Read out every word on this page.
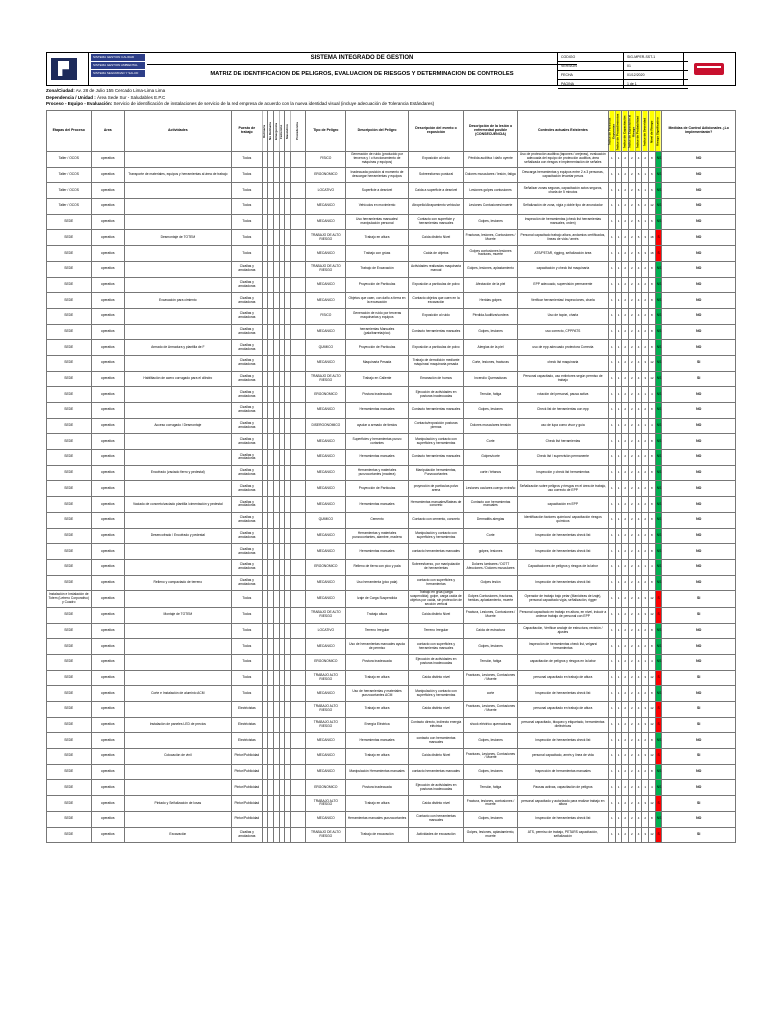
SISTEMA GESTION CALIDAD
SISTEMA GESTION AMBIENTAL
SISTEMA SEGURIDAD Y SALUD
SISTEMA INTEGRADO DE GESTION
MATRIZ DE IDENTIFICACION DE PELIGROS, EVALUACION DE RIESGOS Y DETERMINACION DE CONTROLES
CODIGO	SIG-MPER-SST-1
VERSION	01
FECHA	01/12/2020
PAGINA	1 de 1
Zona/Ciudad: Av. 28 de Julio 155 Cercado Lima-Lima Lima
Dependencia / Unidad : Área Sede Sur - Saludables E.P.C
Proceso - Equipo - Evaluación: Servicio de identificación de instalaciones de servicio de la red empresa de acuerdo con la nueva identidad visual (incluye adecuación de Tolerancia Estándares)
Etapas del Proceso	Area	Actividades	Puesto de trabajo	Rutinaria	No Rutinaria	Emergencia	Femenino	Masculino	Procedencia	Tipo de Peligro	Descripción del Peligro	Descripción del evento o exposición	Descripción de la lesión o enfermedad posible (CONSECUENCIA)	Controles actuales Existentes	Índice de Personas Expuestas	Índice de Procedimientos	Índice de Capacitación	Índice de Exposición al Riesgo	Índice de Probabilidad	Índice de Severidad	Nivel de Riesgo	Riesgo Significativo	Medidas de Control Adicionales ¿Lo implementarán?
Taller / OCOS	operativa		Todos							FISICO	Generación de ruido (producido por terceros y / o funcionamiento de máquinas y equipos)	Exposición al ruido	Pérdida auditiva / daño oyente	Uso de protección auditiva (tapones / orejeras), evaluación adecuada del equipo de protección auditiva, área señalizada con riesgos e implementación de señales	1	1	2	2	4	2	8	NS	NO
Taller / OCOS	operativa	Transporte de materiales, equipos y herramientas al área de trabajo	Todos							ERGONOMICO	Inadecuada posición al momento de descargar herramientas y equipos	Sobreesfuerzo postural	Dolores musculares / lesión, fatiga	Descarga herramientas y equipos entre 2 a 3 personas, capacitación levantar pesos	1	1	2	2	6	1	6	NS	NO
Taller / OCOS	operativa		Todos							LOCATIVO	Superficie a desnivel	Caída a superficie a desnivel	Lesiones golpes contusiones	Señalizar zonas seguras, capacitación actos seguros, charla de 5 minutos	1	1	2	2	6	1	6	NS	NO
Taller / OCOS	operativa		Todos							MECANICO	Vehículos en movimiento	Atropello/Atrapamiento vehicular	Lesiones Contusiones/muerte	Señalización de zona, vigía y doble tipo de anunciador	1	1	2	2	6	2	12	NS	NO
SEDE	operativa		Todos							MECANICO	Uso herramientas manuales/ manipulación personal	Contacto con superficie y herramientas manuales	Golpes, lesiones	Inspección de herramientas (check list herramientas manuales, orden)	1	1	2	2	6	1	6	NS	NO
SEDE	operativa	Desmontaje de TOTEM	Todos							TRABAJO DE ALTO RIESGO	Trabajo en altura	Caída distinto Nivel	Fracturas, lesiones, Contusiones / Muerte	Personal capacitado trabajo altura, andamios certificados, líneas de vida / arnés	1	1	2	2	6	3	18	S	NO
SEDE	operativa		Todos							MECANICO	Trabajo con grúas	Caída de objetos	Golpes contusiones lesiones fracturas, muerte	ATS/PETAR, rigging, señalización área	1	1	2	2	6	3	18	S	NO
SEDE	operativa		Cizallas y amoladoras							TRABAJO DE ALTO RIESGO	Trabajo de Excavación	Actividades realizadas maquinaria manual	Golpes, lesiones, aplastamiento	capacitación y check list maquinaria	1	1	2	2	4	2	8	NS	NO
SEDE	operativa		Cizallas y amoladoras							MECANICO	Proyección de Partículas	Exposición a partículas de polvo	Afectación de la piel	EPP adecuado, supervisión permanente	1	1	2	2	4	2	8	NS	NO
SEDE	operativa	Excavación para cimiento	Cizallas y amoladoras							MECANICO	Objetos que caen, con daño a tierra en la excavación	Contacto objetos que caen en la excavación	Heridas golpes	Verificar herramientas/ inspecciones, charla	1	1	2	2	4	2	8	NS	NO
SEDE	operativa		Cizallas y amoladoras							FISICO	Generación de ruido por terceras maquinarias y equipos	Exposición al ruido	Pérdida Auditiva/sordera	Uso de tapón, charla	1	1	2	2	4	2	8	NS	NO
SEDE	operativa		Cizallas y amoladoras							MECANICO	herramientas Manuales (pala/barreta/pico)	Contacto herramientas manuales	Golpes, lesiones	uso correcto, CPPPATS	1	1	2	2	4	2	8	NS	NO
SEDE	operativa	Armado de Armadura y plantilla de F	Cizallas y amoladoras							QUIMICO	Proyección de Partículas	Exposición a partículas de polvo	Alergias de la piel	uso de epp adecuado protectora Correcta	1	1	2	2	4	2	8	NS	NO
SEDE	operativa		Cizallas y amoladoras							MECANICO	Maquinaria Pesada	Trabajo de demolición mediante máquinas/ maquinaria pesada	Corte, lesiones, fracturas	check list maquinaria	1	1	2	2	4	3	12	NS	SI
SEDE	operativa	Habilitación de acero corrugado para el cilindro	Cizallas y amoladoras							TRABAJO DE ALTO RIESGO	Trabajo en Caliente	Emanación de humos	Incendio Quemaduras	Personal capacitado, uso extintores según permiso de trabajo	1	1	2	2	4	3	12	NS	SI
SEDE	operativa		Cizallas y amoladoras							ERGONOMICO	Postura inadecuada	Ejecución de actividades en posturas inadecuadas	Tensión, fatiga	rotación del personal, pausa activa	1	1	2	2	4	1	4	NS	NO
SEDE	operativa		Cizallas y amoladoras							MECANICO	Herramientas manuales	Contacto herramientas manuales	Golpes, lesiones	Check list de herramientas con epp	1	1	2	2	4	2	8	NS	NO
SEDE	operativa	Acceso corrugado / Desmontaje	Cizallas y amoladoras							DISERGONOMICO	ayudar a armado de tiestos	Contacto/exposición posturas piernas	Dolores musculares tensión	uso de lupa como visor y guía	1	1	2	2	4	1	4	NS	NO
SEDE	operativa		Cizallas y amoladoras							MECANICO	Superficies y herramientas punzo cortantes	Manipulación y contacto con superficies y herramientas	Corte	Check list herramientas	1	1	2	2	4	2	8	NS	NO
SEDE	operativa		Cizallas y amoladoras							MECANICO	Herramientas manuales	Contacto herramientas manuales	Golpes/corte	Check list / supervisión permanente	1	1	2	2	4	2	8	NS	NO
SEDE	operativa	Encofrado (vaciado fierro y pedestal)	Cizallas y amoladoras							MECANICO	Herramientas y materiales punzocortantes (madera)	Manipulación herramientas, Punzocortantes	corte / tétanos	Inspección y check list herramientas	1	1	2	2	4	2	8	NS	NO
SEDE	operativa		Cizallas y amoladoras							MECANICO	Proyección de Partículas	proyección de partículas polvo arena	Lesiones oculares cuerpo extraño	Señalización sobre peligros y riesgos en el área de trabajo, uso correcto de EPP	1	1	2	2	4	2	8	NS	NO
SEDE	operativa	Vaciado de concreto/vaciado plantilla /cimentación y pedestal	Cizallas y amoladoras							MECANICO	Herramientas manuales	Herramientas manuales/Bateas de concreto	Contacto con herramientas manuales	capacitación en EPP	1	1	2	2	4	2	8	NS	NO
SEDE	operativa		Cizallas y amoladoras							QUIMICO	Cemento	Contacto con cemento, concreto	Dermatitis alergias	Identificación factores químicos/ capacitación riesgos químicos	1	1	2	2	4	2	8	NS	NO
SEDE	operativa	Desencofrado / Encofrado y pedestal	Cizallas y amoladoras							MECANICO	Herramientas y materiales punzocortantes, alambre, madera	Manipulación y contacto con superficies y herramientas	Corte	Inspección de herramientas check list	1	1	2	2	4	2	8	NS	NO
SEDE	operativa		Cizallas y amoladoras							MECANICO	Herramientas manuales	contacto herramientas manuales	golpes, lesiones	Inspección de herramientas check list	1	1	2	2	4	2	8	NS	NO
SEDE	operativa		Cizallas y amoladoras							ERGONOMICO	Relleno de tierra con pico y pala	Sobreesfuerzo, por manipulación de herramientas	Dolores lumbares / DOTT Afecciones / Dolores musculares	Capacitaciones de peligros y riesgos de la labor	1	1	2	2	4	1	4	NS	NO
SEDE	operativa	Relleno y compactado de terreno	Cizallas y amoladoras							MECANICO	Uso herramienta (pico pala)	contacto con superficies y herramientas	Golpes lesión	Inspección de herramientas check list	1	1	2	2	4	2	8	NS	NO
Instalación e Instalación de Totem (Letrero Corporativo) y Cuadro	operativa		Todos							MECANICO	Izaje de Carga Suspendida	Trabajo en grúa (carga suspendida); golpe, carga caída de objetos por caída, sin protección de sección vertical	Golpes Contusiones, fracturas, heridas, aplastamiento, muerte	Operador de trabajo bajo petar (Maniobras de izaje), personal capacitado vigía, señalización, rigger	1	1	2	2	4	3	12	S	SI
SEDE	operativa	Montaje de TOTEM	Todos							TRABAJO DE ALTO RIESGO	Trabajo altura	Caída distinto Nivel	Fractura, Lesiones, Contusiones / Muerte	Personal capacitado en trabajo en altura, en nivel, inducir a ordenar trabajo de personal con EPP	1	1	2	2	4	3	12	S	SI
SEDE	operativa		Todos							LOCATIVO	Terreno Irregular	Terreno Irregular	Caída de estructura	Capacitación, Verificar anclaje de estructura, revisión / ajustes	1	1	2	2	4	2	8	NS	NO
SEDE	operativa		Todos							MECANICO	Uso de herramientas manuales ayuda de permiso	contacto con superficies y herramientas manuales	Golpes, lesiones	Inspección de herramientas check list, velgarsi herramientas	1	1	2	2	4	2	8	NS	NO
SEDE	operativa		Todos							ERGONOMICO	Postura inadecuada	Ejecución de actividades en posturas inadecuadas	Tensión, fatiga	capacitación de peligros y riesgos en la labor	1	1	2	2	4	1	4	NS	NO
SEDE	operativa		Todos							TRABAJO ALTO RIESGO	Trabajo en altura	Caída distinto nivel	Fracturas, Lesiones, Contusiones / Muerte	personal capacitado en trabajo de altura	1	1	2	2	4	3	12	S	SI
SEDE	operativa	Corte e Instalación de aluminio ACM	Todos							MECANICO	Uso de herramientas y materiales punzocortantes ACM	Manipulación y contacto con superficies y herramientas	corte	Inspección de herramientas check list	1	1	2	2	4	2	8	NS	NO
SEDE	operativa		Electricistas							TRABAJO ALTO RIESGO	Trabajo en altura	Caída distinto nivel	Fracturas, Lesiones, Contusiones / Muerte	personal capacitado en trabajo de altura	1	1	2	2	4	3	12	S	SI
SEDE	operativa	Instalación de paneles LED de precios	Electricistas							TRABAJO ALTO RIESGO	Energía Eléctrica	Contacto directo, indirecto energía eléctrica	shock eléctrico quemaduras	personal capacitado, bloqueo y etiquetado, herramientas dieléctricas	1	1	2	2	4	3	12	S	SI
SEDE	operativa		Electricistas							MECANICO	Herramientas manuales	contacto con herramientas manuales	Golpes, lesiones	Inspección de herramientas check list	1	1	2	2	4	2	8	NS	NO
SEDE	operativa	Colocación de vinil	Pintor/Publicidad							MECANICO	Trabajo en altura	Caída distinto Nivel	Fracturas, Lesiones, Contusiones / Muerte	personal capacitado, arnés y línea de vida	1	1	2	2	4	3	12	S	SI
SEDE	operativa		Pintor/Publicidad							MECANICO	Manipulación Herramientas manuales	contacto herramientas manuales	Golpes, lesiones	Inspección de herramientas manuales	1	1	2	2	4	2	8	NS	NO
SEDE	operativa		Pintor/Publicidad							ERGONOMICO	Postura inadecuada	Ejecución de actividades en posturas inadecuadas	Tensión, fatiga	Pausas activas, capacitación de peligros	1	1	2	2	4	1	4	NS	NO
SEDE	operativa	Pintado y Señalización de losas	Pintor/Publicidad							TRABAJO ALTO RIESGO	Trabajo en altura	Caída distinto nivel	Fractura, lesiones, contusiones / muerte	personal capacitado y autorizado para realizar trabajo en altura	1	1	2	2	4	3	12	S	SI
SEDE	operativa		Pintor/Publicidad							MECANICO	Herramientas manuales punzocortantes	Contacto con herramientas manuales	Golpes, lesiones	Inspección de herramientas check list	1	1	2	2	4	2	8	NS	NO
SEDE	operativa	Excavación	Cizallas y amoladoras							TRABAJO DE ALTO RIESGO	Trabajo de excavación	Actividades de excavación	Golpes, lesiones, aplastamiento, muerte	ATS, permiso de trabajo, PETARS capacitación, señalización	1	1	2	2	4	3	12	S	SI
